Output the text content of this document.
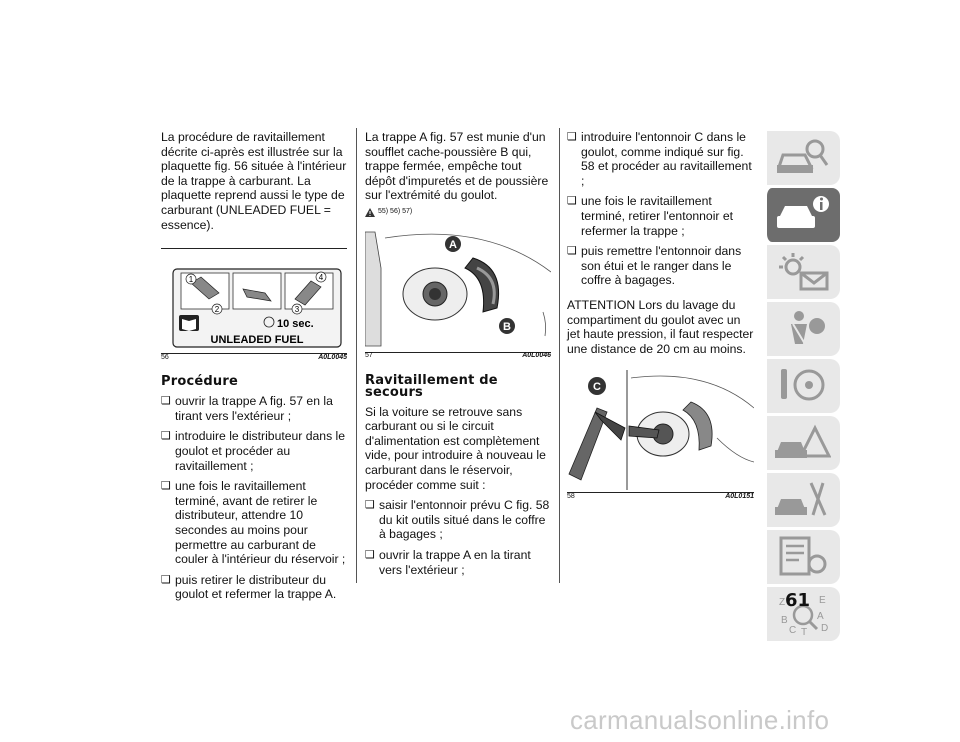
La procédure de ravitaillement décrite ci-après est illustrée sur la plaquette fig. 56 située à l'intérieur de la trappe à carburant. La plaquette reprend aussi le type de carburant (UNLEADED FUEL = essence).

1
2	3
4
10 sec.
UNLEADED FUEL
56	A0L0045
Procédure
❑ ouvrir la trappe A fig. 57 en la tirant vers l'extérieur ;
❑ introduire le distributeur dans le goulot et procéder au ravitaillement ;
❑ une fois le ravitaillement terminé, avant de retirer le distributeur, attendre 10 secondes au moins pour permettre au carburant de couler à l'intérieur du réservoir ;
❑ puis retirer le distributeur du goulot et refermer la trappe A.

La trappe A fig. 57 est munie d'un soufflet cache-poussière B qui, trappe fermée, empêche tout dépôt d'impuretés et de poussière sur l'extrémité du goulot.

55) 56) 57)
A
B
57	A0L0046
Ravitaillement de secours

Si la voiture se retrouve sans carburant ou si le circuit d'alimentation est complètement vide, pour introduire à nouveau le carburant dans le réservoir, procéder comme suit :

❑ saisir l'entonnoir prévu C fig. 58 du kit outils situé dans le coffre à bagages ;
❑ ouvrir la trappe A en la tirant vers l'extérieur ;
❑ introduire l'entonnoir C dans le goulot, comme indiqué sur fig. 58 et procéder au ravitaillement ;
❑ une fois le ravitaillement terminé, retirer l'entonnoir et refermer la trappe ;
❑ puis remettre l'entonnoir dans son étui et le ranger dans le coffre à bagages.

ATTENTION Lors du lavage du compartiment du goulot avec un jet haute pression, il faut respecter une distance de 20 cm au moins.

C
58	A0L0151
Z	E
A
B
C T D
61
carmanualsonline.info
